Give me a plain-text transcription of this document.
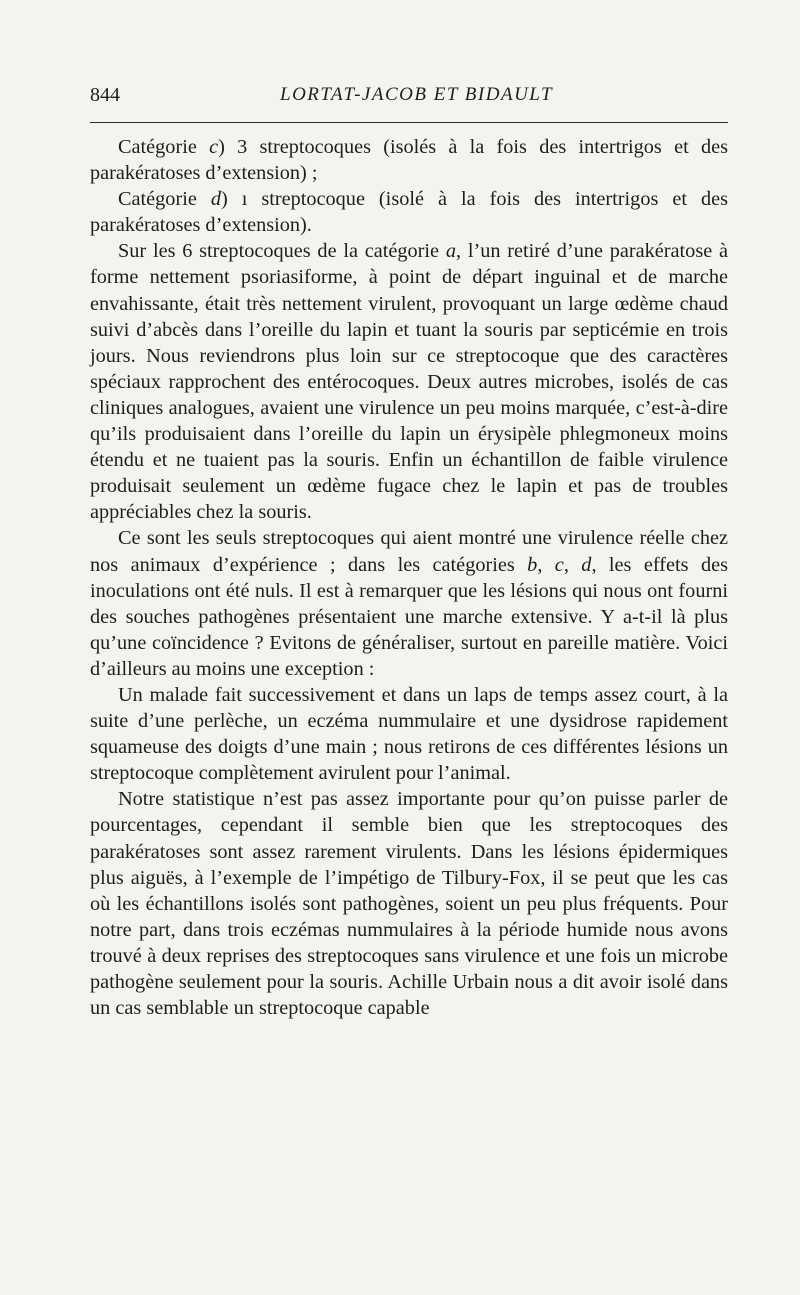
844	LORTAT-JACOB ET BIDAULT

Catégorie c) 3 streptocoques (isolés à la fois des intertrigos et des parakératoses d’extension) ;

Catégorie d) ı streptocoque (isolé à la fois des intertrigos et des parakératoses d’extension).

Sur les 6 streptocoques de la catégorie a, l’un retiré d’une parakératose à forme nettement psoriasiforme, à point de départ inguinal et de marche envahissante, était très nettement virulent, provoquant un large œdème chaud suivi d’abcès dans l’oreille du lapin et tuant la souris par septicémie en trois jours. Nous reviendrons plus loin sur ce streptocoque que des caractères spéciaux rapprochent des entérocoques. Deux autres microbes, isolés de cas cliniques analogues, avaient une virulence un peu moins marquée, c’est-à-dire qu’ils produisaient dans l’oreille du lapin un érysipèle phlegmoneux moins étendu et ne tuaient pas la souris. Enfin un échantillon de faible virulence produisait seulement un œdème fugace chez le lapin et pas de troubles appréciables chez la souris.

Ce sont les seuls streptocoques qui aient montré une virulence réelle chez nos animaux d’expérience ; dans les catégories b, c, d, les effets des inoculations ont été nuls. Il est à remarquer que les lésions qui nous ont fourni des souches pathogènes présentaient une marche extensive. Y a-t-il là plus qu’une coïncidence ? Evitons de généraliser, surtout en pareille matière. Voici d’ailleurs au moins une exception :

Un malade fait successivement et dans un laps de temps assez court, à la suite d’une perlèche, un eczéma nummulaire et une dysidrose rapidement squameuse des doigts d’une main ; nous retirons de ces différentes lésions un streptocoque complètement avirulent pour l’animal.

Notre statistique n’est pas assez importante pour qu’on puisse parler de pourcentages, cependant il semble bien que les streptocoques des parakératoses sont assez rarement virulents. Dans les lésions épidermiques plus aiguës, à l’exemple de l’impétigo de Tilbury-Fox, il se peut que les cas où les échantillons isolés sont pathogènes, soient un peu plus fréquents. Pour notre part, dans trois eczémas nummulaires à la période humide nous avons trouvé à deux reprises des streptocoques sans virulence et une fois un microbe pathogène seulement pour la souris. Achille Urbain nous a dit avoir isolé dans un cas semblable un streptocoque capable
